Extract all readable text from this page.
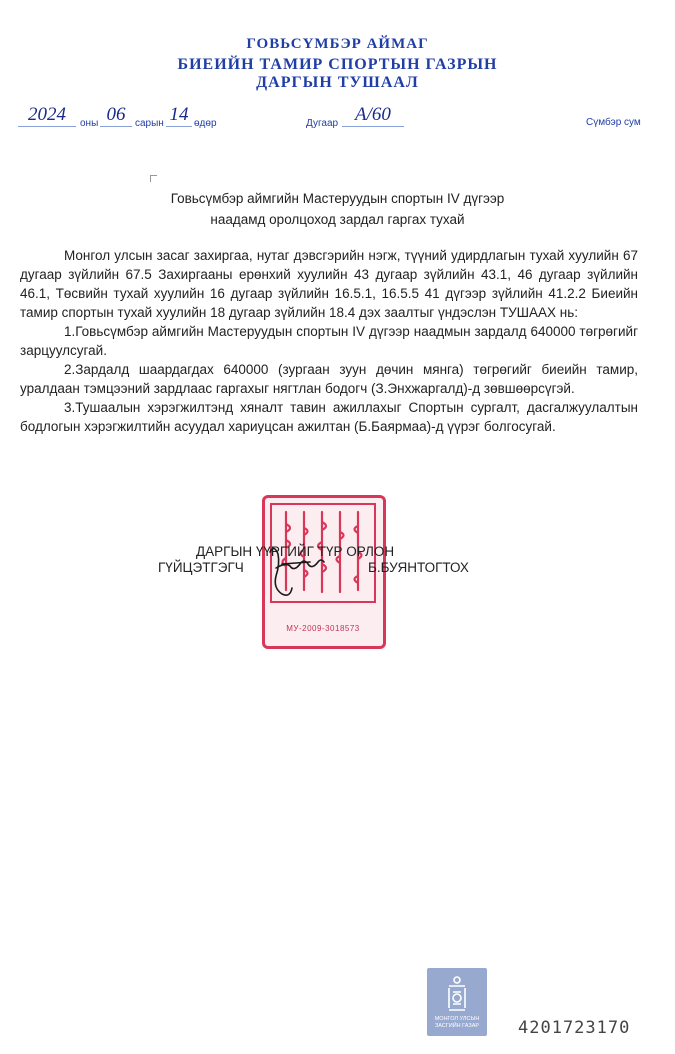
ГОВЬСҮМБЭР АЙМАГ
БИЕИЙН ТАМИР СПОРТЫН ГАЗРЫН
ДАРГЫН ТУШААЛ
2024	оны 06 сарын 14 өдөр	Дугаар А/60	Сүмбэр сум
Говьсүмбэр аймгийн Мастеруудын спортын IV дүгээр
наадамд оролцоход зардал гаргах тухай

Монгол улсын засаг захиргаа, нутаг дэвсгэрийн нэгж, түүний удирдлагын тухай хуулийн 67 дугаар зүйлийн 67.5 Захиргааны ерөнхий хуулийн 43 дугаар зүйлийн 43.1, 46 дугаар зүйлийн 46.1, Төсвийн тухай хуулийн 16 дугаар зүйлийн 16.5.1, 16.5.5 41 дүгээр зүйлийн 41.2.2 Биеийн тамир спортын тухай хуулийн 18 дугаар зүйлийн 18.4 дэх заалтыг үндэслэн ТУШААХ нь:

1.Говьсүмбэр аймгийн Мастеруудын спортын IV дүгээр наадмын зардалд 640000 төгрөгийг зарцуулсугай.

2.Зардалд шаардагдах 640000 (зургаан зуун дөчин мянга) төгрөгийг биеийн тамир, уралдаан тэмцээний зардлаас гаргахыг нягтлан бодогч (З.Энхжаргалд)-д зөвшөөрсүгэй.

3.Тушаалын хэрэгжилтэнд хяналт тавин ажиллахыг Спортын сургалт, дасгалжуулалтын бодлогын хэрэгжилтийн асуудал хариуцсан ажилтан (Б.Баярмаа)-д үүрэг болгосугай.

МУ-2009-3018573
ДАРГЫН ҮҮРГИЙГ ТҮР ОРЛОН
ГҮЙЦЭТГЭГЧ	Б.БУЯНТОГТОХ
МОНГОЛ УЛСЫН
ЗАСГИЙН ГАЗАР	4201723170
